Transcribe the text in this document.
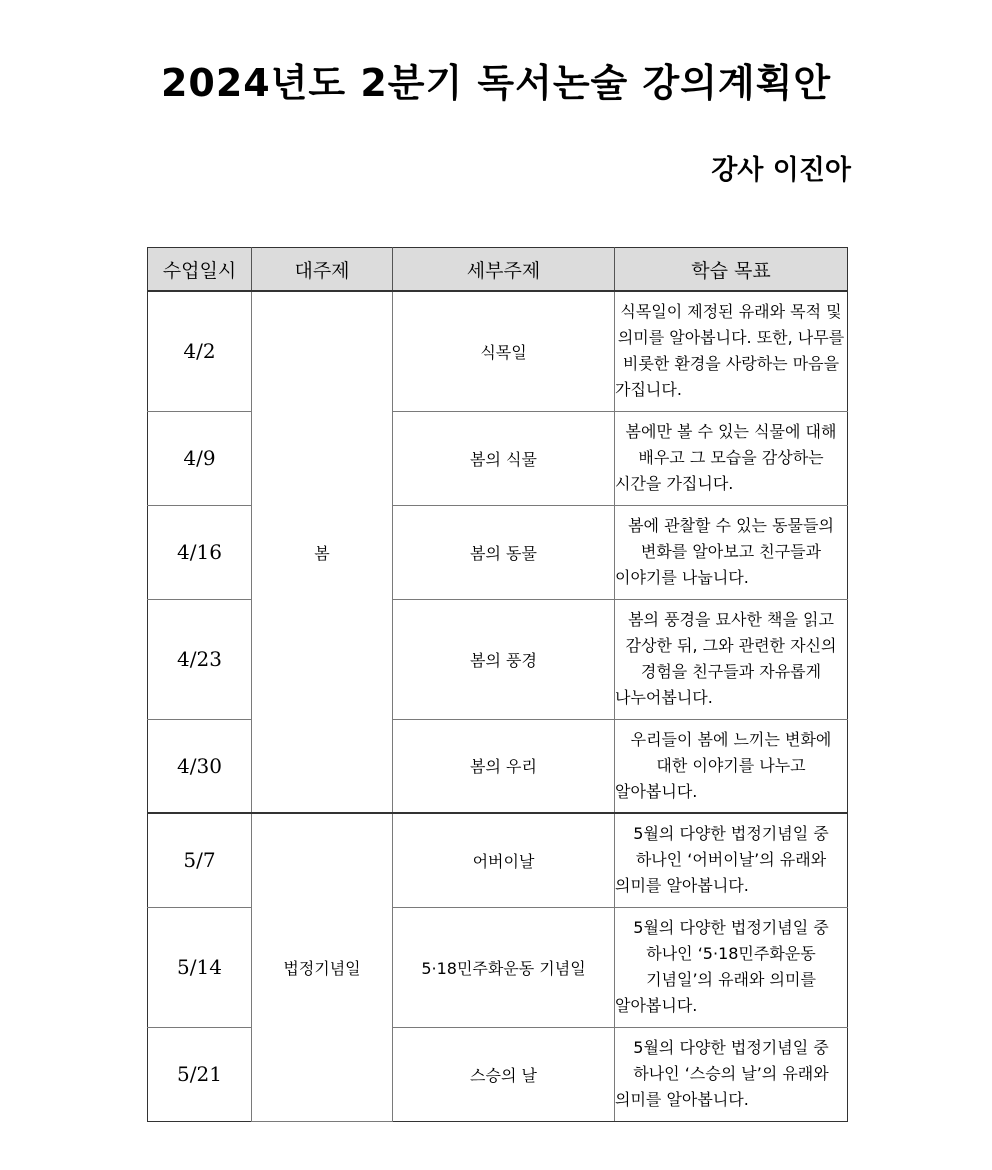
2024년도 2분기 독서논술 강의계획안
강사 이진아
수업일시	대주제	세부주제	학습 목표
4/2	봄	식목일	식목일이 제정된 유래와 목적 및 의미를 알아봅니다. 또한, 나무를 비롯한 환경을 사랑하는 마음을 가집니다.
4/9		봄의 식물	봄에만 볼 수 있는 식물에 대해 배우고 그 모습을 감상하는 시간을 가집니다.
4/16		봄의 동물	봄에 관찰할 수 있는 동물들의 변화를 알아보고 친구들과 이야기를 나눕니다.
4/23		봄의 풍경	봄의 풍경을 묘사한 책을 읽고 감상한 뒤, 그와 관련한 자신의 경험을 친구들과 자유롭게 나누어봅니다.
4/30		봄의 우리	우리들이 봄에 느끼는 변화에 대한 이야기를 나누고 알아봅니다.
5/7	법정기념일	어버이날	5월의 다양한 법정기념일 중 하나인 ‘어버이날’의 유래와 의미를 알아봅니다.
5/14		5·18민주화운동 기념일	5월의 다양한 법정기념일 중 하나인 ‘5·18민주화운동 기념일’의 유래와 의미를 알아봅니다.
5/21		스승의 날	5월의 다양한 법정기념일 중 하나인 ‘스승의 날’의 유래와 의미를 알아봅니다.
